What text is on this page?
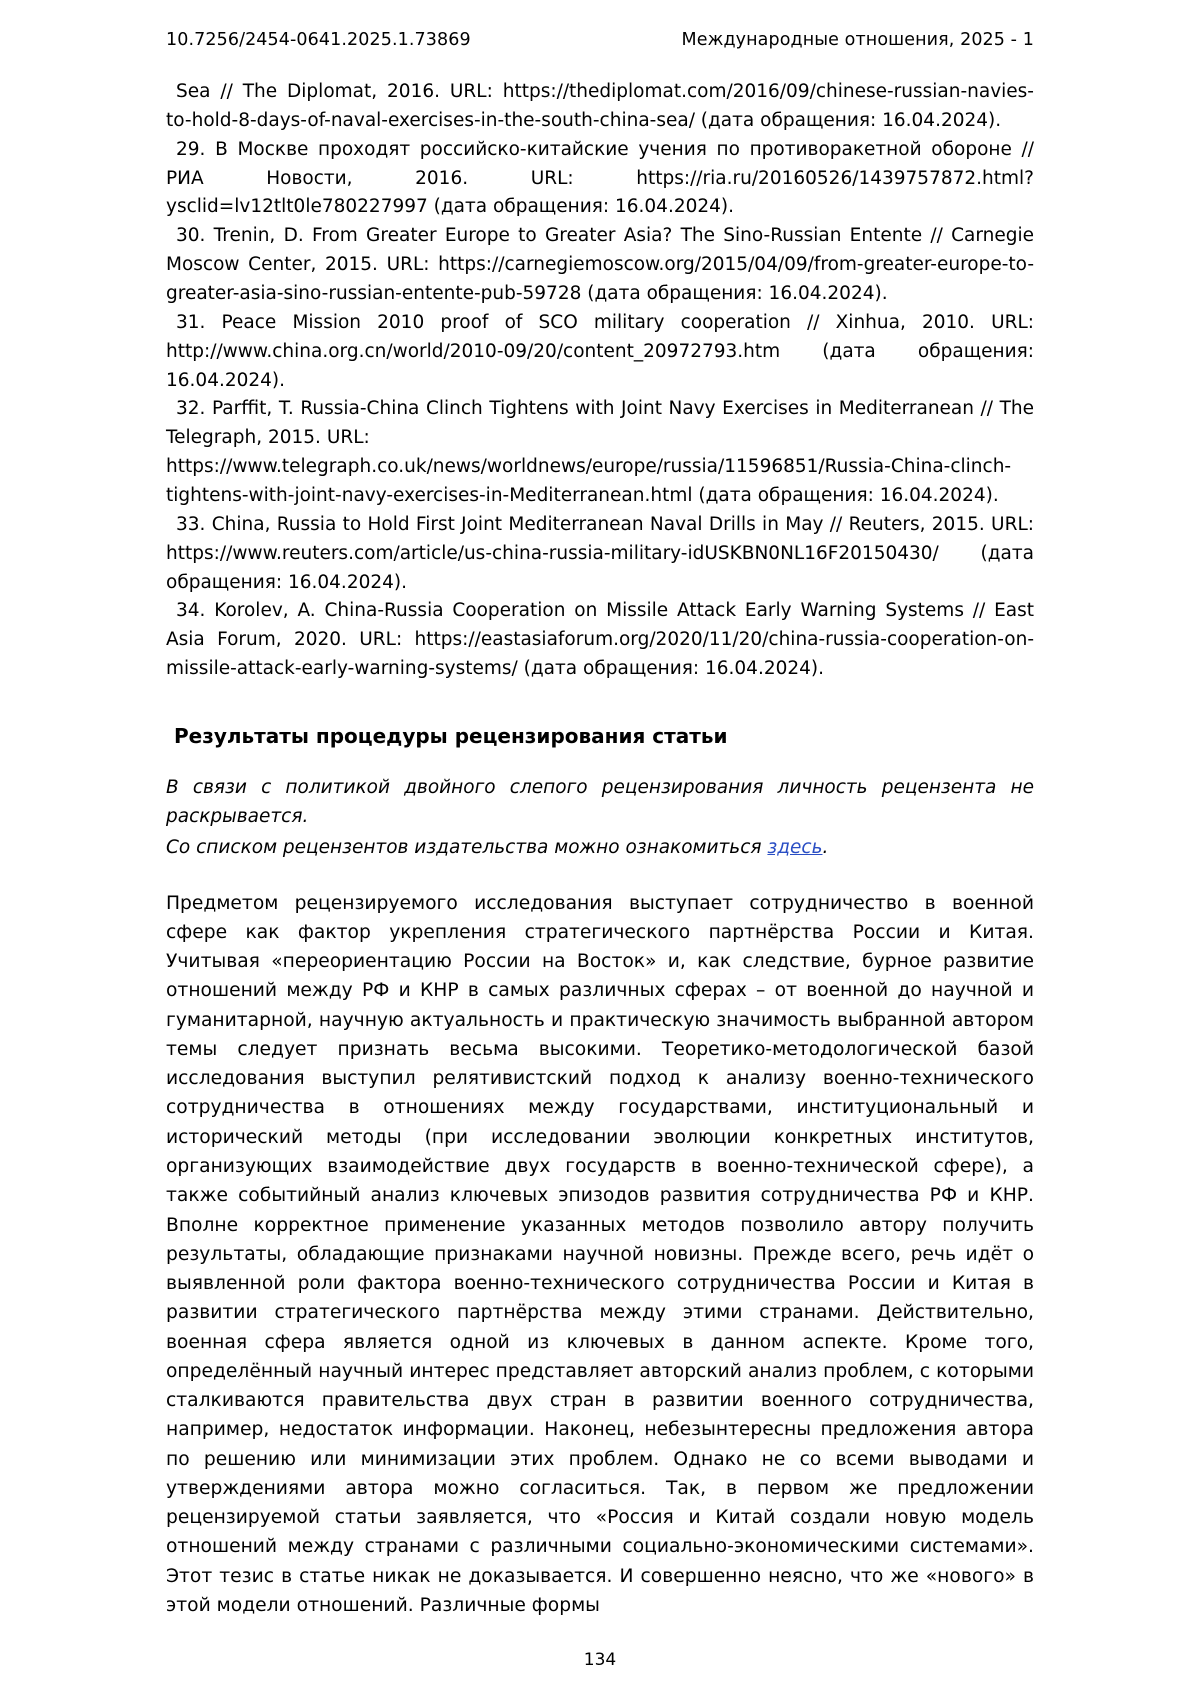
10.7256/2454-0641.2025.1.73869	Международные отношения, 2025 - 1

Sea // The Diplomat, 2016. URL: https://thediplomat.com/2016/09/chinese-russian-navies-to-hold-8-days-of-naval-exercises-in-the-south-china-sea/ (дата обращения: 16.04.2024).

29. В Москве проходят российско-китайские учения по противоракетной обороне // РИА Новости, 2016. URL: https://ria.ru/20160526/1439757872.html?ysclid=lv12tlt0le780227997 (дата обращения: 16.04.2024).

30. Trenin, D. From Greater Europe to Greater Asia? The Sino-Russian Entente // Carnegie Moscow Center, 2015. URL: https://carnegiemoscow.org/2015/04/09/from-greater-europe-to-greater-asia-sino-russian-entente-pub-59728 (дата обращения: 16.04.2024).

31. Peace Mission 2010 proof of SCO military cooperation // Xinhua, 2010. URL: http://www.china.org.cn/world/2010-09/20/content_20972793.htm (дата обращения: 16.04.2024).

32. Parffit, T. Russia-China Clinch Tightens with Joint Navy Exercises in Mediterranean // The Telegraph, 2015. URL:

https://www.telegraph.co.uk/news/worldnews/europe/russia/11596851/Russia-China-clinch-tightens-with-joint-navy-exercises-in-Mediterranean.html (дата обращения: 16.04.2024).

33. China, Russia to Hold First Joint Mediterranean Naval Drills in May // Reuters, 2015. URL: https://www.reuters.com/article/us-china-russia-military-idUSKBN0NL16F20150430/ (дата обращения: 16.04.2024).

34. Korolev, A. China-Russia Cooperation on Missile Attack Early Warning Systems // East Asia Forum, 2020. URL: https://eastasiaforum.org/2020/11/20/china-russia-cooperation-on-missile-attack-early-warning-systems/ (дата обращения: 16.04.2024).

Результаты процедуры рецензирования статьи
В связи с политикой двойного слепого рецензирования личность рецензента не раскрывается.
Со списком рецензентов издательства можно ознакомиться здесь.

Предметом рецензируемого исследования выступает сотрудничество в военной сфере как фактор укрепления стратегического партнёрства России и Китая. Учитывая «переориентацию России на Восток» и, как следствие, бурное развитие отношений между РФ и КНР в самых различных сферах – от военной до научной и гуманитарной, научную актуальность и практическую значимость выбранной автором темы следует признать весьма высокими. Теоретико-методологической базой исследования выступил релятивистский подход к анализу военно-технического сотрудничества в отношениях между государствами, институциональный и исторический методы (при исследовании эволюции конкретных институтов, организующих взаимодействие двух государств в военно-технической сфере), а также событийный анализ ключевых эпизодов развития сотрудничества РФ и КНР. Вполне корректное применение указанных методов позволило автору получить результаты, обладающие признаками научной новизны. Прежде всего, речь идёт о выявленной роли фактора военно-технического сотрудничества России и Китая в развитии стратегического партнёрства между этими странами. Действительно, военная сфера является одной из ключевых в данном аспекте. Кроме того, определённый научный интерес представляет авторский анализ проблем, с которыми сталкиваются правительства двух стран в развитии военного сотрудничества, например, недостаток информации. Наконец, небезынтересны предложения автора по решению или минимизации этих проблем. Однако не со всеми выводами и утверждениями автора можно согласиться. Так, в первом же предложении рецензируемой статьи заявляется, что «Россия и Китай создали новую модель отношений между странами с различными социально-экономическими системами». Этот тезис в статье никак не доказывается. И совершенно неясно, что же «нового» в этой модели отношений. Различные формы

134
